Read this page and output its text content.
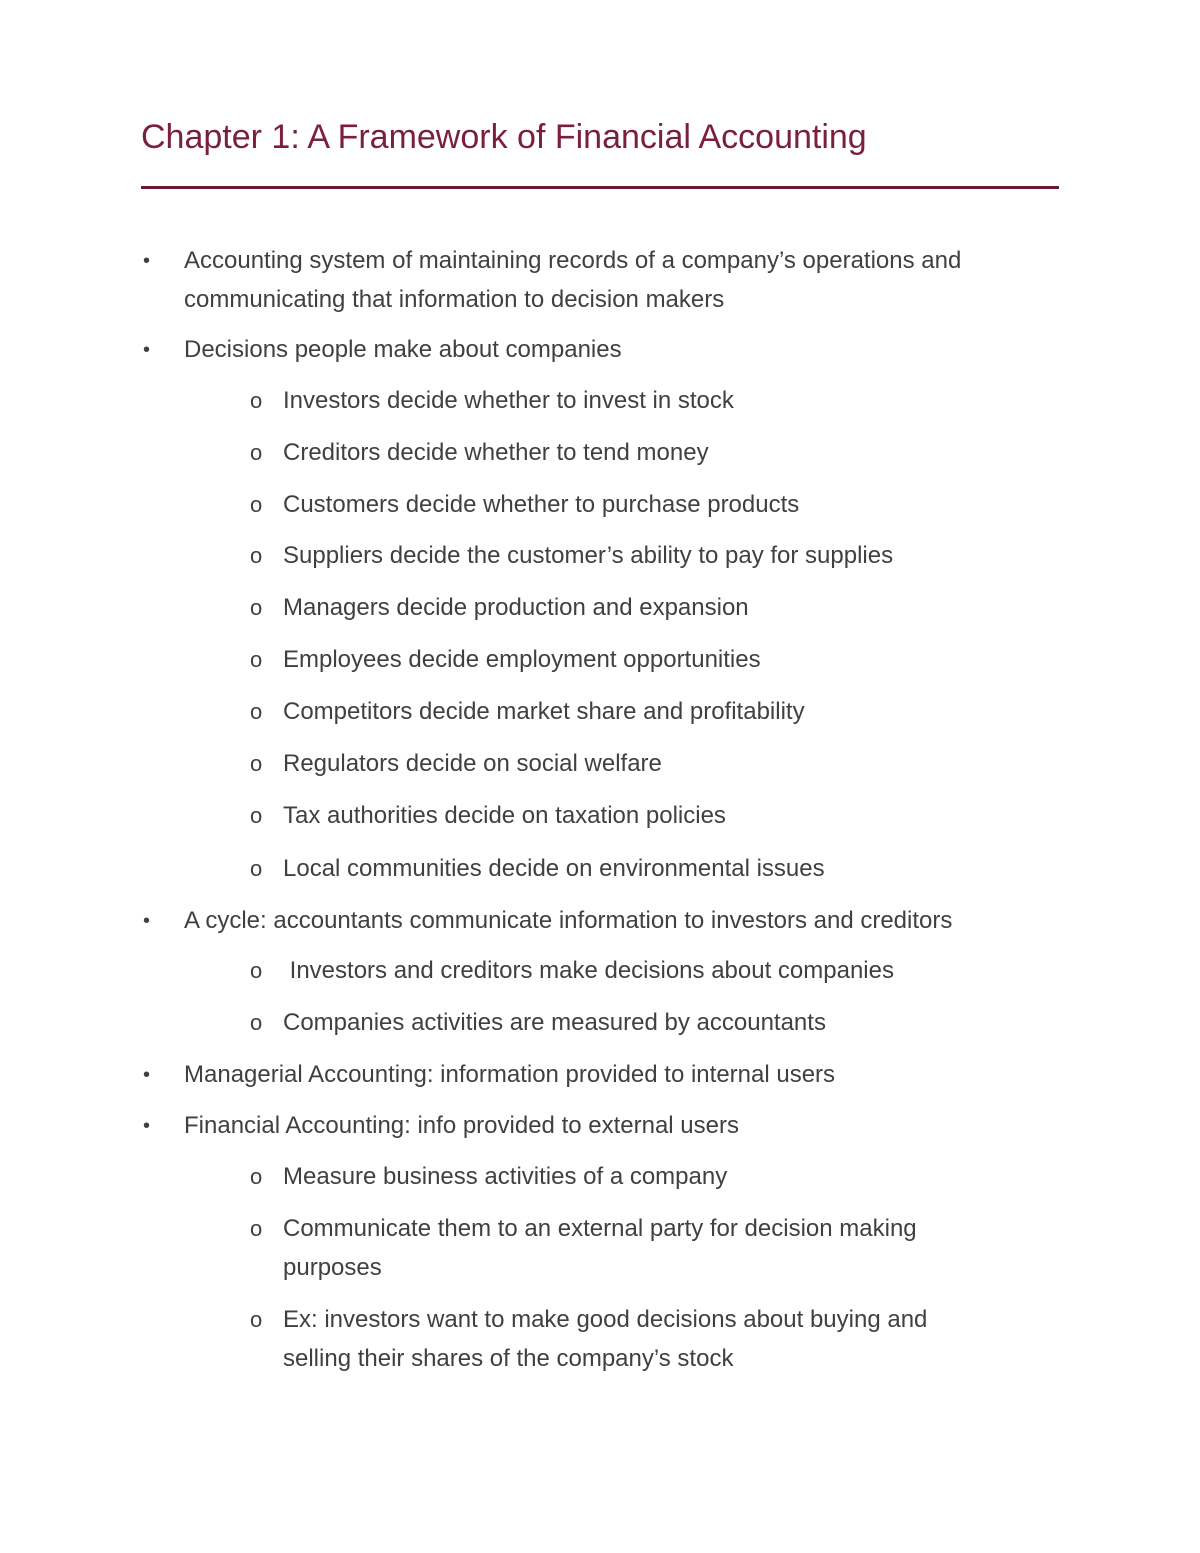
Chapter 1: A Framework of Financial Accounting
• Accounting system of maintaining records of a company’s operations and
communicating that information to decision makers
• Decisions people make about companies
o Investors decide whether to invest in stock
o Creditors decide whether to tend money
o Customers decide whether to purchase products
o Suppliers decide the customer’s ability to pay for supplies
o Managers decide production and expansion
o Employees decide employment opportunities
o Competitors decide market share and profitability
o Regulators decide on social welfare
o Tax authorities decide on taxation policies
o Local communities decide on environmental issues
• A cycle: accountants communicate information to investors and creditors
o Investors and creditors make decisions about companies
o Companies activities are measured by accountants
• Managerial Accounting: information provided to internal users
• Financial Accounting: info provided to external users
o Measure business activities of a company
o Communicate them to an external party for decision making
purposes
o Ex: investors want to make good decisions about buying and
selling their shares of the company’s stock
